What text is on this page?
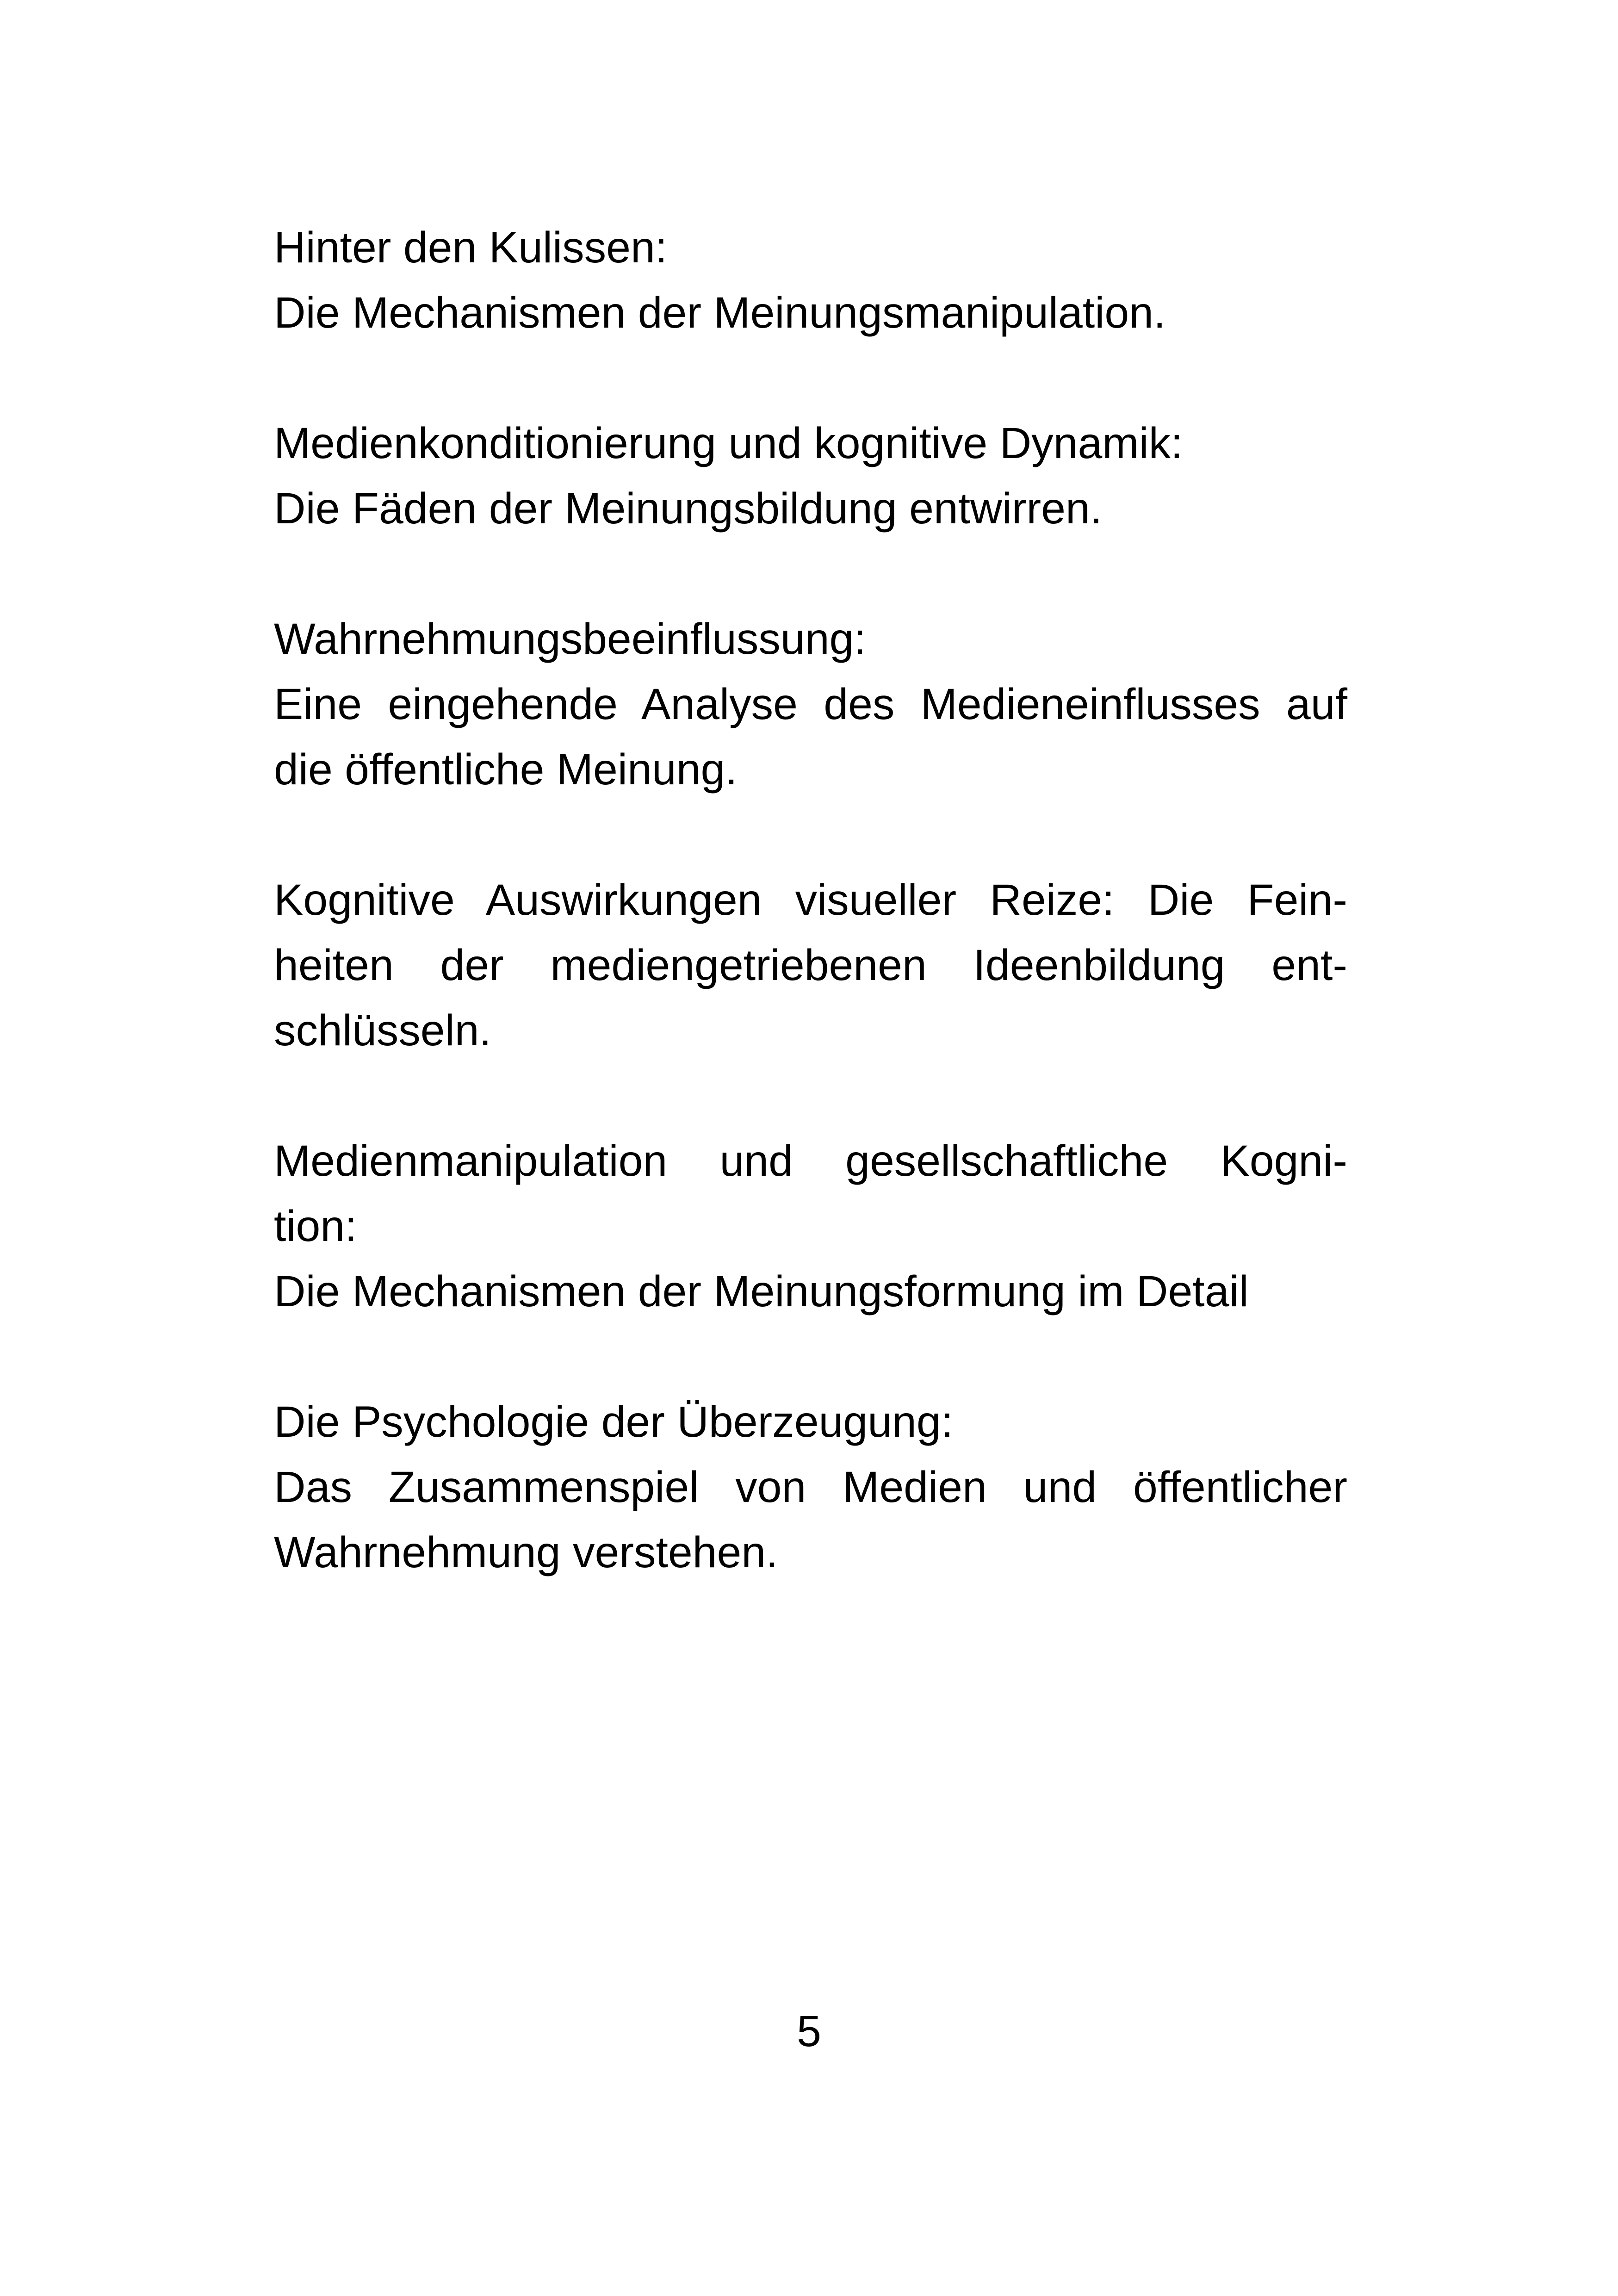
Hinter den Kulissen:
Die Mechanismen der Meinungsmanipulation.

Medienkonditionierung und kognitive Dynamik:
Die Fäden der Meinungsbildung entwirren.

Wahrnehmungsbeeinflussung:
Eine eingehende Analyse des Medieneinflusses auf
die öffentliche Meinung.

Kognitive Auswirkungen visueller Reize: Die Fein-
heiten der mediengetriebenen Ideenbildung ent-
schlüsseln.

Medienmanipulation und gesellschaftliche Kogni-
tion:
Die Mechanismen der Meinungsformung im Detail

Die Psychologie der Überzeugung:
Das Zusammenspiel von Medien und öffentlicher
Wahrnehmung verstehen.

5
